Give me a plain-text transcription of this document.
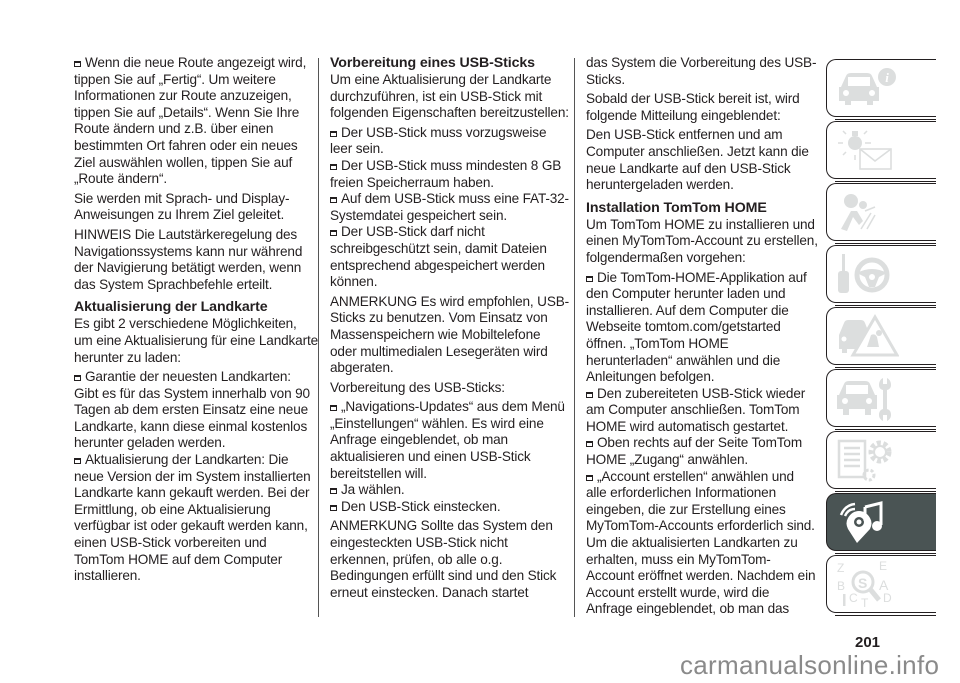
Wenn die neue Route angezeigt wird, tippen Sie auf „Fertig“. Um weitere Informationen zur Route anzuzeigen, tippen Sie auf „Details“. Wenn Sie Ihre Route ändern und z.B. über einen bestimmten Ort fahren oder ein neues Ziel auswählen wollen, tippen Sie auf „Route ändern“.

Sie werden mit Sprach- und Display-Anweisungen zu Ihrem Ziel geleitet.

HINWEIS Die Lautstärkeregelung des Navigationssystems kann nur während der Navigierung betätigt werden, wenn das System Sprachbefehle erteilt.

Aktualisierung der Landkarte

Es gibt 2 verschiedene Möglichkeiten, um eine Aktualisierung für eine Landkarte herunter zu laden:

Garantie der neuesten Landkarten: Gibt es für das System innerhalb von 90 Tagen ab dem ersten Einsatz eine neue Landkarte, kann diese einmal kostenlos herunter geladen werden.

Aktualisierung der Landkarten: Die neue Version der im System installierten Landkarte kann gekauft werden. Bei der Ermittlung, ob eine Aktualisierung verfügbar ist oder gekauft werden kann, einen USB-Stick vorbereiten und TomTom HOME auf dem Computer installieren.

Vorbereitung eines USB-Sticks

Um eine Aktualisierung der Landkarte durchzuführen, ist ein USB-Stick mit folgenden Eigenschaften bereitzustellen:

Der USB-Stick muss vorzugsweise leer sein.

Der USB-Stick muss mindesten 8 GB freien Speicherraum haben.

Auf dem USB-Stick muss eine FAT-32-Systemdatei gespeichert sein.

Der USB-Stick darf nicht schreibgeschützt sein, damit Dateien entsprechend abgespeichert werden können.

ANMERKUNG Es wird empfohlen, USB-Sticks zu benutzen. Vom Einsatz von Massenspeichern wie Mobiltelefone oder multimedialen Lesegeräten wird abgeraten.

Vorbereitung des USB-Sticks:

„Navigations-Updates“ aus dem Menü „Einstellungen“ wählen. Es wird eine Anfrage eingeblendet, ob man aktualisieren und einen USB-Stick bereitstellen will.

Ja wählen.

Den USB-Stick einstecken.

ANMERKUNG Sollte das System den eingesteckten USB-Stick nicht erkennen, prüfen, ob alle o.g. Bedingungen erfüllt sind und den Stick erneut einstecken. Danach startet

das System die Vorbereitung des USB-Sticks.

Sobald der USB-Stick bereit ist, wird folgende Mitteilung eingeblendet:

Den USB-Stick entfernen und am Computer anschließen. Jetzt kann die neue Landkarte auf den USB-Stick heruntergeladen werden.

Installation TomTom HOME

Um TomTom HOME zu installieren und einen MyTomTom-Account zu erstellen, folgendermaßen vorgehen:

Die TomTom-HOME-Applikation auf den Computer herunter laden und installieren. Auf dem Computer die Webseite tomtom.com/getstarted öffnen. „TomTom HOME herunterladen“ anwählen und die Anleitungen befolgen.

Den zubereiteten USB-Stick wieder am Computer anschließen. TomTom HOME wird automatisch gestartet.

Oben rechts auf der Seite TomTom HOME „Zugang“ anwählen.

„Account erstellen“ anwählen und alle erforderlichen Informationen eingeben, die zur Erstellung eines MyTomTom-Accounts erforderlich sind. Um die aktualisierten Landkarten zu erhalten, muss ein MyTomTom-Account eröffnet werden. Nachdem ein Account erstellt wurde, wird die Anfrage eingeblendet, ob man das

i
Z	E
B A
D
C
S
T
201
carmanualsonline.info
